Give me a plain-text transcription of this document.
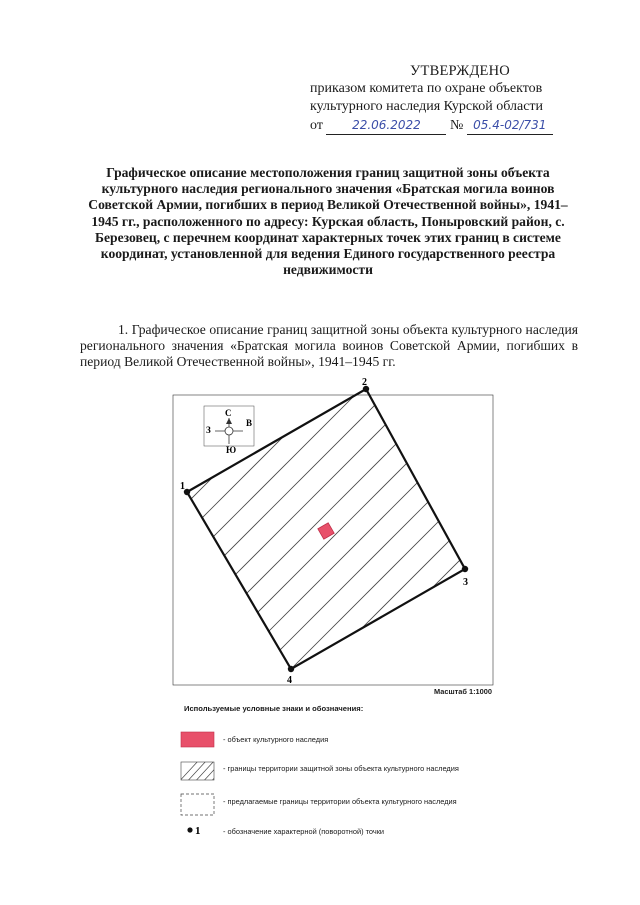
УТВЕРЖДЕНО
приказом комитета по охране объектов
культурного наследия Курской области
от 22.06.2022 № 05.4-02/731
Графическое описание местоположения границ защитной зоны объекта культурного наследия регионального значения «Братская могила воинов Советской Армии, погибших в период Великой Отечественной войны», 1941–1945 гг., расположенного по адресу: Курская область, Поныровский район, с. Березовец, с перечнем координат характерных точек этих границ в системе координат, установленной для ведения Единого государственного реестра недвижимости
1. Графическое описание границ защитной зоны объекта культурного наследия регионального значения «Братская могила воинов Советской Армии, погибших в период Великой Отечественной войны», 1941–1945 гг.
1
2
3
4
С
Ю
З
В
1
Масштаб 1:1000
Используемые условные знаки и обозначения:
- объект культурного наследия
- границы территории защитной зоны объекта культурного наследия
- предлагаемые границы территории объекта культурного наследия
- обозначение характерной (поворотной) точки
